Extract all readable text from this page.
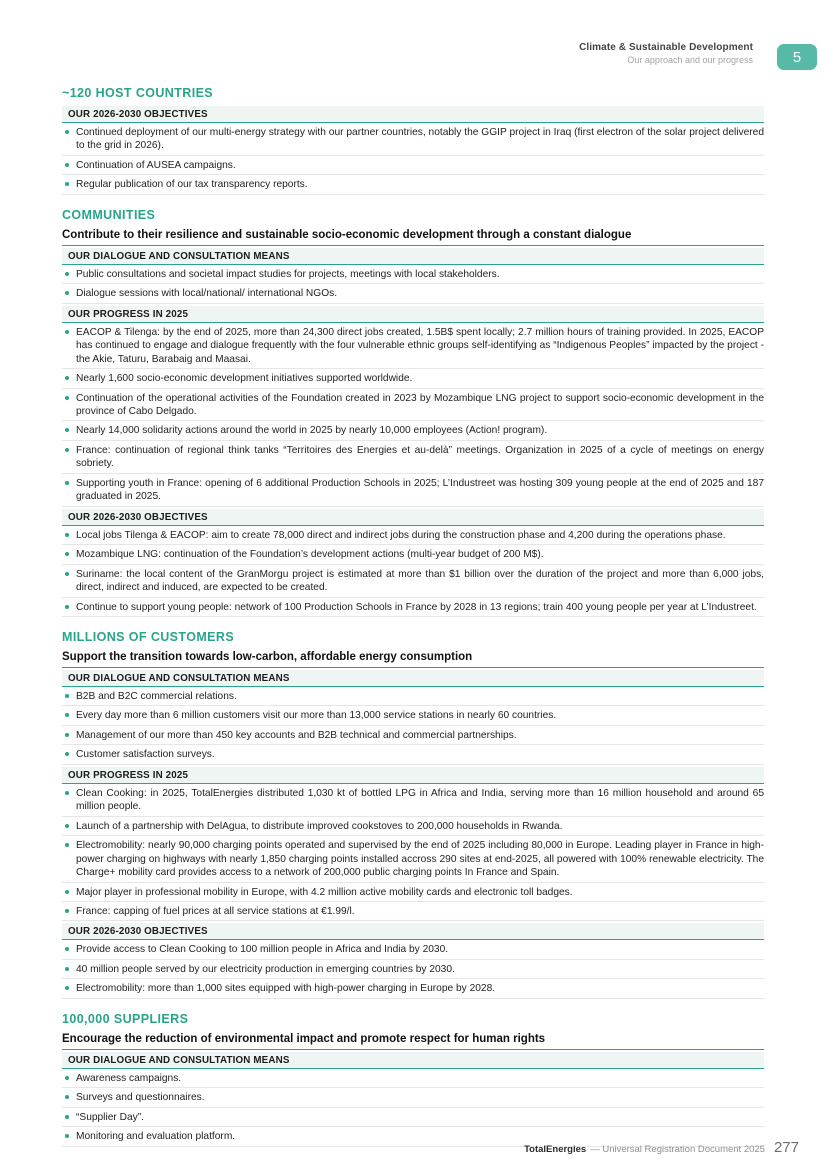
Climate & Sustainable Development
Our approach and our progress	5
~120 HOST COUNTRIES
OUR 2026-2030 OBJECTIVES
Continued deployment of our multi-energy strategy with our partner countries, notably the GGIP project in Iraq (first electron of the solar project delivered to the grid in 2026).
Continuation of AUSEA campaigns.
Regular publication of our tax transparency reports.
COMMUNITIES
Contribute to their resilience and sustainable socio-economic development through a constant dialogue
OUR DIALOGUE AND CONSULTATION MEANS
Public consultations and societal impact studies for projects, meetings with local stakeholders.
Dialogue sessions with local/national/ international NGOs.
OUR PROGRESS IN 2025
EACOP & Tilenga: by the end of 2025, more than 24,300 direct jobs created, 1.5B$ spent locally; 2.7 million hours of training provided. In 2025, EACOP has continued to engage and dialogue frequently with the four vulnerable ethnic groups self-identifying as “Indigenous Peoples” impacted by the project - the Akie, Taturu, Barabaig and Maasai.
Nearly 1,600 socio-economic development initiatives supported worldwide.
Continuation of the operational activities of the Foundation created in 2023 by Mozambique LNG project to support socio-economic development in the province of Cabo Delgado.
Nearly 14,000 solidarity actions around the world in 2025 by nearly 10,000 employees (Action! program).
France: continuation of regional think tanks “Territoires des Energies et au-delà” meetings. Organization in 2025 of a cycle of meetings on energy sobriety.
Supporting youth in France: opening of 6 additional Production Schools in 2025; L’Industreet was hosting 309 young people at the end of 2025 and 187 graduated in 2025.
OUR 2026-2030 OBJECTIVES
Local jobs Tilenga & EACOP: aim to create 78,000 direct and indirect jobs during the construction phase and 4,200 during the operations phase.
Mozambique LNG: continuation of the Foundation’s development actions (multi-year budget of 200 M$).
Suriname: the local content of the GranMorgu project is estimated at more than $1 billion over the duration of the project and more than 6,000 jobs, direct, indirect and induced, are expected to be created.
Continue to support young people: network of 100 Production Schools in France by 2028 in 13 regions; train 400 young people per year at L’Industreet.
MILLIONS OF CUSTOMERS
Support the transition towards low-carbon, affordable energy consumption
OUR DIALOGUE AND CONSULTATION MEANS
B2B and B2C commercial relations.
Every day more than 6 million customers visit our more than 13,000 service stations in nearly 60 countries.
Management of our more than 450 key accounts and B2B technical and commercial partnerships.
Customer satisfaction surveys.
OUR PROGRESS IN 2025
Clean Cooking: in 2025, TotalEnergies distributed 1,030 kt of bottled LPG in Africa and India, serving more than 16 million household and around 65 million people.
Launch of a partnership with DelAgua, to distribute improved cookstoves to 200,000 households in Rwanda.
Electromobility: nearly 90,000 charging points operated and supervised by the end of 2025 including 80,000 in Europe. Leading player in France in high-power charging on highways with nearly 1,850 charging points installed accross 290 sites at end-2025, all powered with 100% renewable electricity. The Charge+ mobility card provides access to a network of 200,000 public charging points In France and Spain.
Major player in professional mobility in Europe, with 4.2 million active mobility cards and electronic toll badges.
France: capping of fuel prices at all service stations at €1.99/l.
OUR 2026-2030 OBJECTIVES
Provide access to Clean Cooking to 100 million people in Africa and India by 2030.
40 million people served by our electricity production in emerging countries by 2030.
Electromobility: more than 1,000 sites equipped with high-power charging in Europe by 2028.
100,000 SUPPLIERS
Encourage the reduction of environmental impact and promote respect for human rights
OUR DIALOGUE AND CONSULTATION MEANS
Awareness campaigns.
Surveys and questionnaires.
“Supplier Day”.
Monitoring and evaluation platform.
TotalEnergies — Universal Registration Document 2025 277
